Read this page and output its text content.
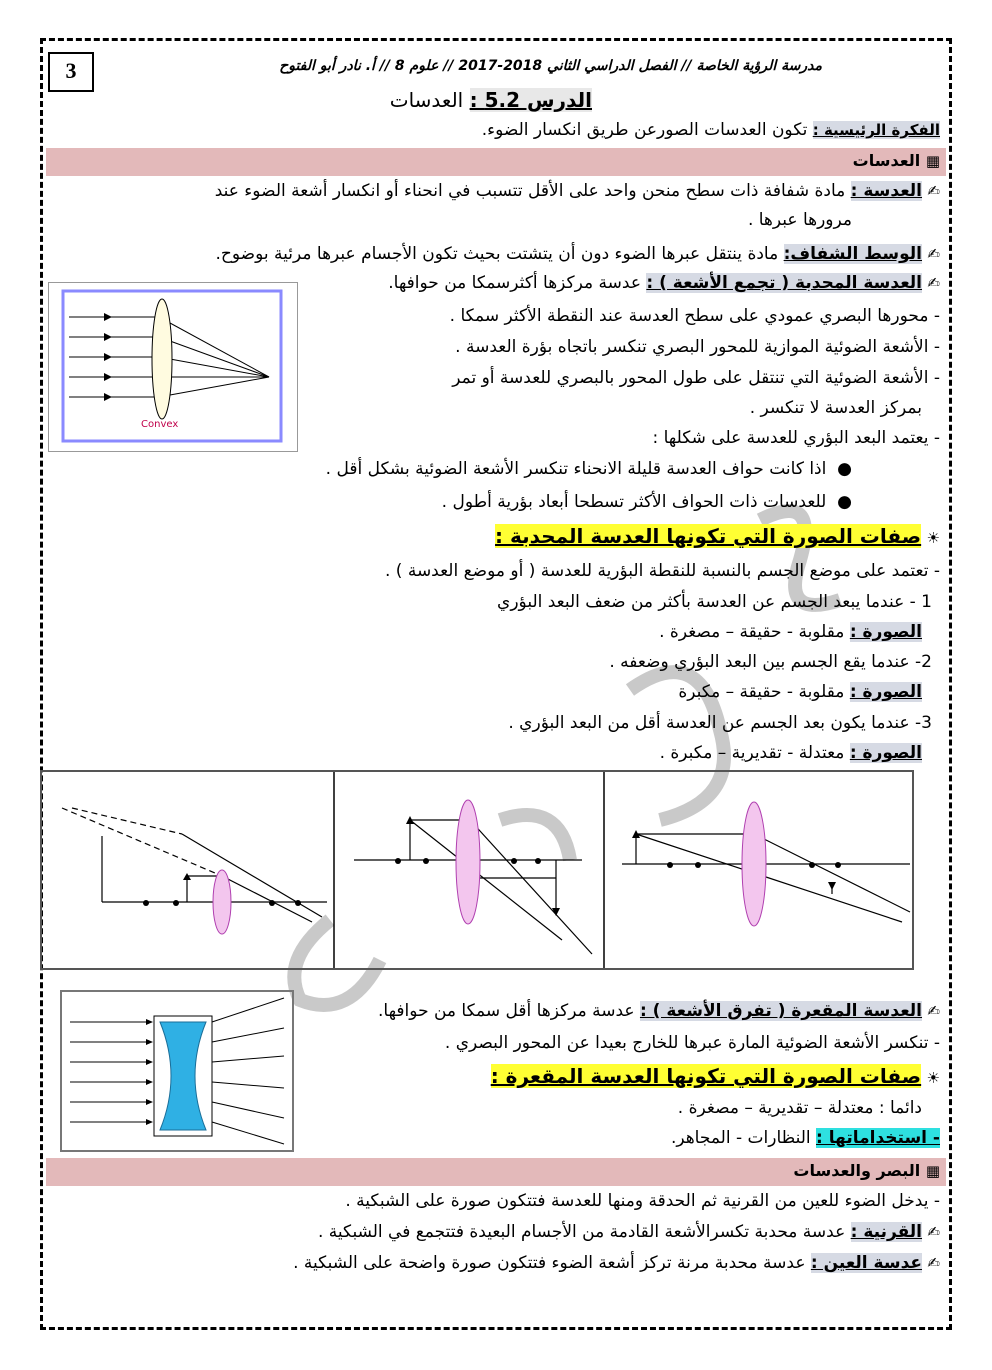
3	مدرسة الرؤية الخاصة // الفصل الدراسي الثاني 2018-2017 // علوم 8 // أ. نادر أبو الفتوح
الدرس 5.2 : العدسات
الفكرة الرئيسية : تكون العدسات الصورعن طريق انكسار الضوء.
▦ العدسات
✍ العدسة : مادة شفافة ذات سطح منحن واحد على الأقل تتسبب في انحناء أو انكسار أشعة الضوء عند
مرورها عبرها .
✍ الوسط الشفاف: مادة ينتقل عبرها الضوء دون أن يتشتت بحيث تكون الأجسام عبرها مرئية بوضوح.
✍ العدسة المحدبة ( تجمع الأشعة ) : عدسة مركزها أكثرسمكا من حوافها.
- محورها البصري عمودي على سطح العدسة عند النقطة الأكثر سمكا .
- الأشعة الضوئية الموازية للمحور البصري تنكسر باتجاه بؤرة العدسة .
- الأشعة الضوئية التي تنتقل على طول المحور بالبصري للعدسة أو تمر
بمركز العدسة لا تنكسر .
- يعتمد البعد البؤري للعدسة على شكلها :
●  اذا كانت حواف العدسة قليلة الانحناء تنكسر الأشعة الضوئية بشكل أقل .
●  للعدسات ذات الحواف الأكثر تسطحا أبعاد بؤرية أطول .
Convex
☀ صفات الصورة التي تكونها العدسة المحدبة :
- تعتمد على موضع الجسم بالنسبة للنقطة البؤرية للعدسة ( أو موضع العدسة ) .
1 - عندما يبعد الجسم عن العدسة بأكثر من ضعف البعد البؤري
الصورة : مقلوبة - حقيقة – مصغرة .
2- عندما يقع الجسم بين البعد البؤري وضعفه .
الصورة : مقلوبة - حقيقة – مكبرة
3- عندما يكون بعد الجسم عن العدسة أقل من البعد البؤري .
الصورة : معتدلة - تقديرية – مكبرة .
✍ العدسة المقعرة ( تفرق الأشعة ) : عدسة مركزها أقل سمكا من حوافها.
- تنكسر الأشعة الضوئية المارة عبرها للخارج بعيدا عن المحور البصري .
☀ صفات الصورة التي تكونها العدسة المقعرة :
دائما : معتدلة – تقديرية – مصغرة .
- استخداماتها : النظارات - المجاهر.
▦ البصر والعدسات
- يدخل الضوء للعين من القرنية ثم الحدقة ومنها للعدسة فتتكون صورة على الشبكية .
✍ القرنية : عدسة محدبة تكسرالأشعة القادمة من الأجسام البعيدة فتتجمع في الشبكية .
✍ عدسة العين : عدسة محدبة مرنة تركز أشعة الضوء فتتكون صورة واضحة على الشبكية .
